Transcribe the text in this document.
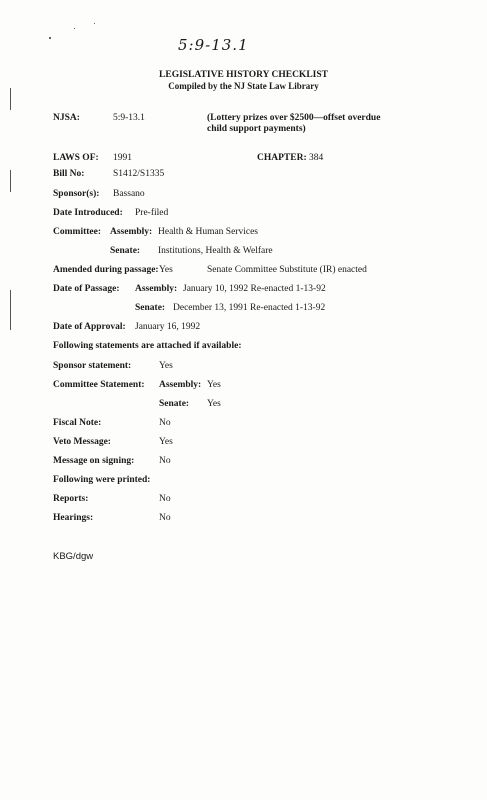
5:9-13.1
LEGISLATIVE HISTORY CHECKLIST
Compiled by the NJ State Law Library
NJSA:	5:9-13.1	(Lottery prizes over $2500—offset overdue child support payments)
LAWS OF: 1991	CHAPTER: 384
Bill No:	S1412/S1335
Sponsor(s): Bassano
Date Introduced: Pre-filed
Committee: Assembly: Health & Human Services
Senate: Institutions, Health & Welfare
Amended during passage: Yes	Senate Committee Substitute (IR) enacted
Date of Passage: Assembly: January 10, 1992 Re-enacted 1-13-92
Senate: December 13, 1991 Re-enacted 1-13-92
Date of Approval: January 16, 1992
Following statements are attached if available:
Sponsor statement:	Yes
Committee Statement: Assembly: Yes
Senate: Yes
Fiscal Note:	No
Veto Message:	Yes
Message on signing:	No
Following were printed:
Reports:	No
Hearings:	No
KBG/dgw
